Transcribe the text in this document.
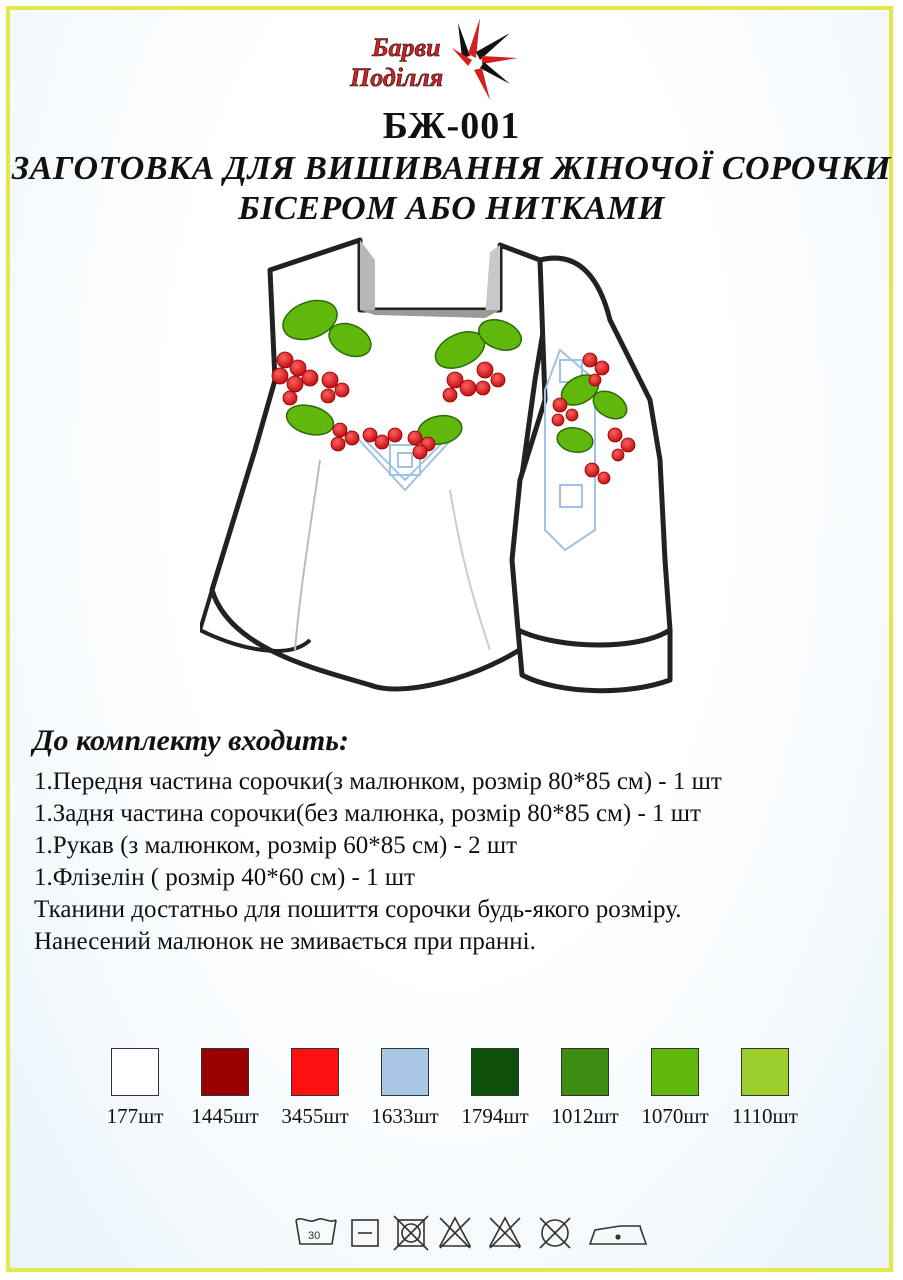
Барви
Поділля
БЖ-001
ЗАГОТОВКА ДЛЯ ВИШИВАННЯ ЖІНОЧОЇ СОРОЧКИ
БІСЕРОМ АБО НИТКАМИ
До комплекту входить:
1.Передня частина сорочки(з малюнком, розмір 80*85 см) - 1 шт
1.Задня частина сорочки(без малюнка, розмір 80*85 см) - 1 шт
1.Рукав (з малюнком, розмір 60*85 см) - 2 шт
1.Флізелін ( розмір 40*60 см) - 1 шт
Тканини достатньо для пошиття сорочки будь-якого розміру.
Нанесений малюнок не змивається при пранні.
177шт	1445шт	3455шт	1633шт	1794шт	1012шт	1070шт	1110шт
30
